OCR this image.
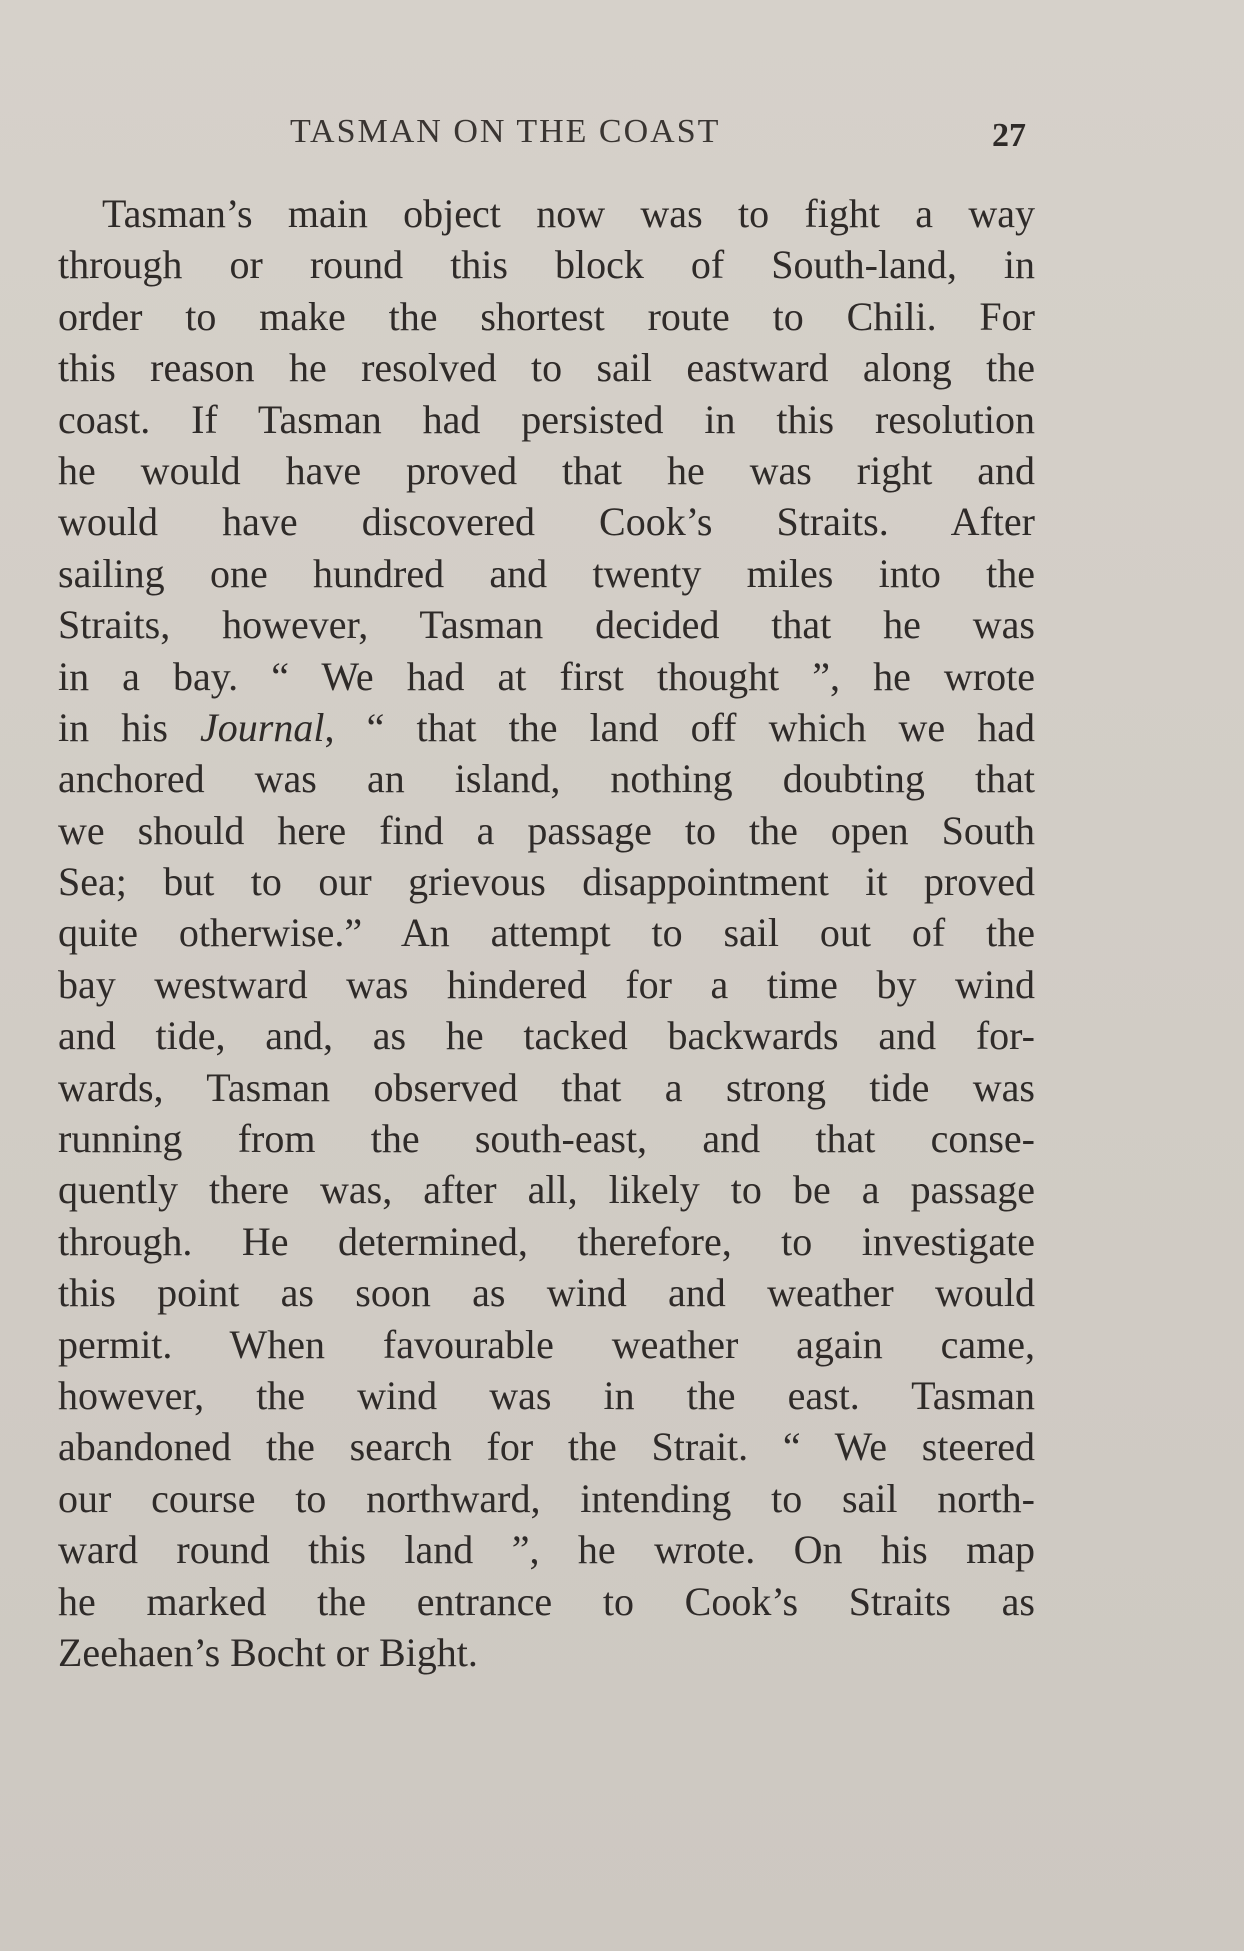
TASMAN ON THE COAST	27
Tasman’s main object now was to fight a way
through or round this block of South-land, in
order to make the shortest route to Chili. For
this reason he resolved to sail eastward along the
coast. If Tasman had persisted in this resolution
he would have proved that he was right and
would have discovered Cook’s Straits. After
sailing one hundred and twenty miles into the
Straits, however, Tasman decided that he was
in a bay. “ We had at first thought ”, he wrote
in his Journal, “ that the land off which we had
anchored was an island, nothing doubting that
we should here find a passage to the open South
Sea; but to our grievous disappointment it proved
quite otherwise.” An attempt to sail out of the
bay westward was hindered for a time by wind
and tide, and, as he tacked backwards and for-
wards, Tasman observed that a strong tide was
running from the south-east, and that conse-
quently there was, after all, likely to be a passage
through. He determined, therefore, to investigate
this point as soon as wind and weather would
permit. When favourable weather again came,
however, the wind was in the east. Tasman
abandoned the search for the Strait. “ We steered
our course to northward, intending to sail north-
ward round this land ”, he wrote. On his map
he marked the entrance to Cook’s Straits as
Zeehaen’s Bocht or Bight.
